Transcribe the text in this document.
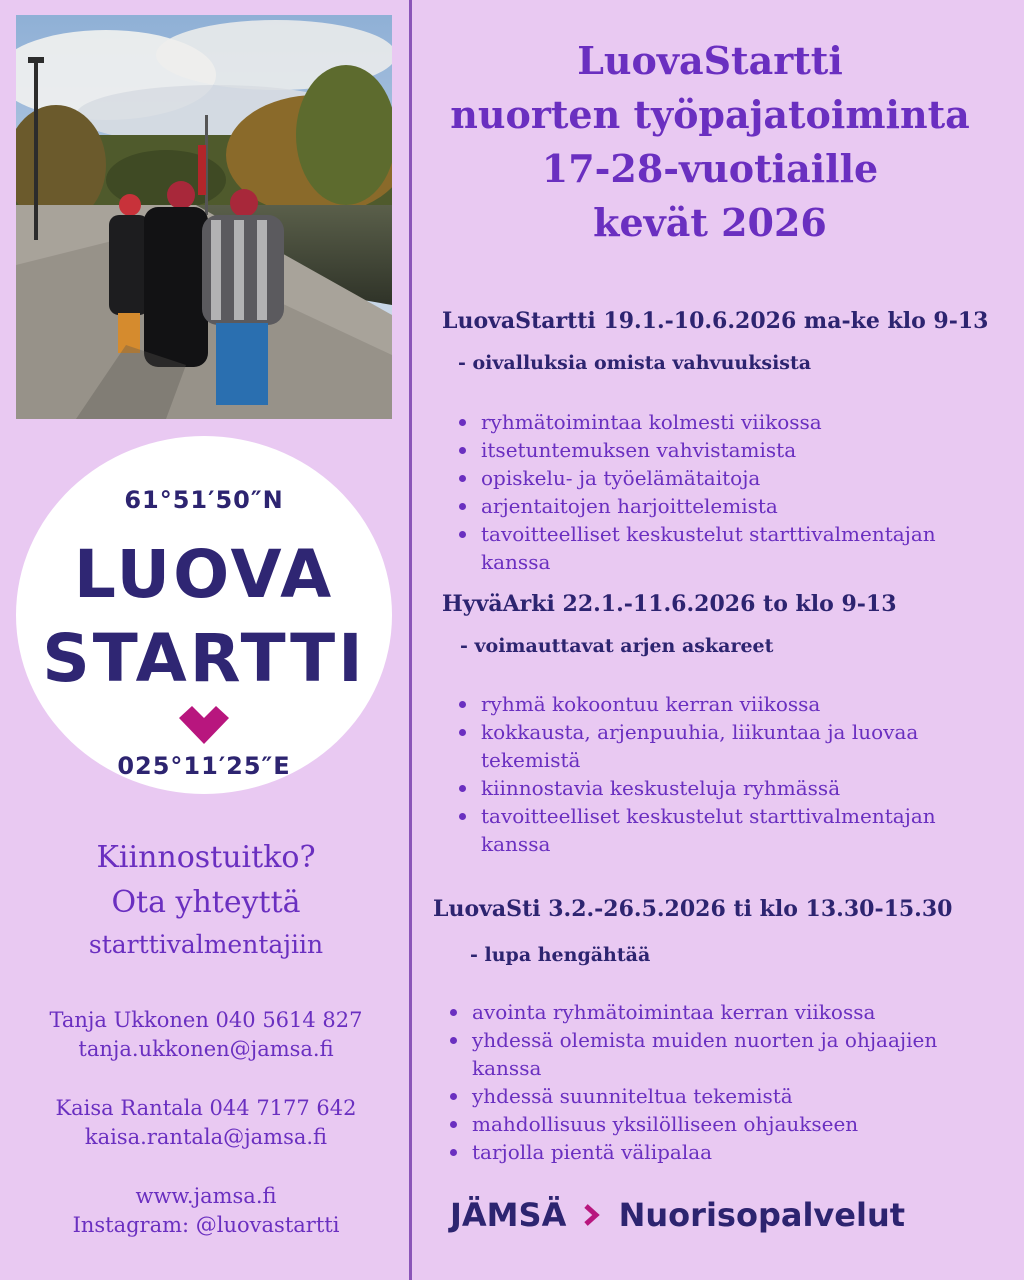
61°51′50″N
LUOVA
STARTTI
025°11′25″E
Kiinnostuitko?
Ota yhteyttä
starttivalmentajiin
Tanja Ukkonen 040 5614 827
tanja.ukkonen@jamsa.fi
Kaisa Rantala 044 7177 642
kaisa.rantala@jamsa.fi
www.jamsa.fi
Instagram: @luovastartti
LuovaStartti
nuorten työpajatoiminta
17-28-vuotiaille
kevät 2026
LuovaStartti 19.1.-10.6.2026 ma-ke klo 9-13
- oivalluksia omista vahvuuksista
ryhmätoimintaa kolmesti viikossa
itsetuntemuksen vahvistamista
opiskelu- ja työelämätaitoja
arjentaitojen harjoittelemista
tavoitteelliset keskustelut starttivalmentajan kanssa
HyväArki 22.1.-11.6.2026 to klo 9-13
- voimauttavat arjen askareet
ryhmä kokoontuu kerran viikossa
kokkausta, arjenpuuhia, liikuntaa ja luovaa tekemistä
kiinnostavia keskusteluja ryhmässä
tavoitteelliset keskustelut starttivalmentajan kanssa
LuovaSti 3.2.-26.5.2026 ti klo 13.30-15.30
- lupa hengähtää
avointa ryhmätoimintaa kerran viikossa
yhdessä olemista muiden nuorten ja ohjaajien kanssa
yhdessä suunniteltua tekemistä
mahdollisuus yksilölliseen ohjaukseen
tarjolla pientä välipalaa
JÄMSÄ Nuorisopalvelut
